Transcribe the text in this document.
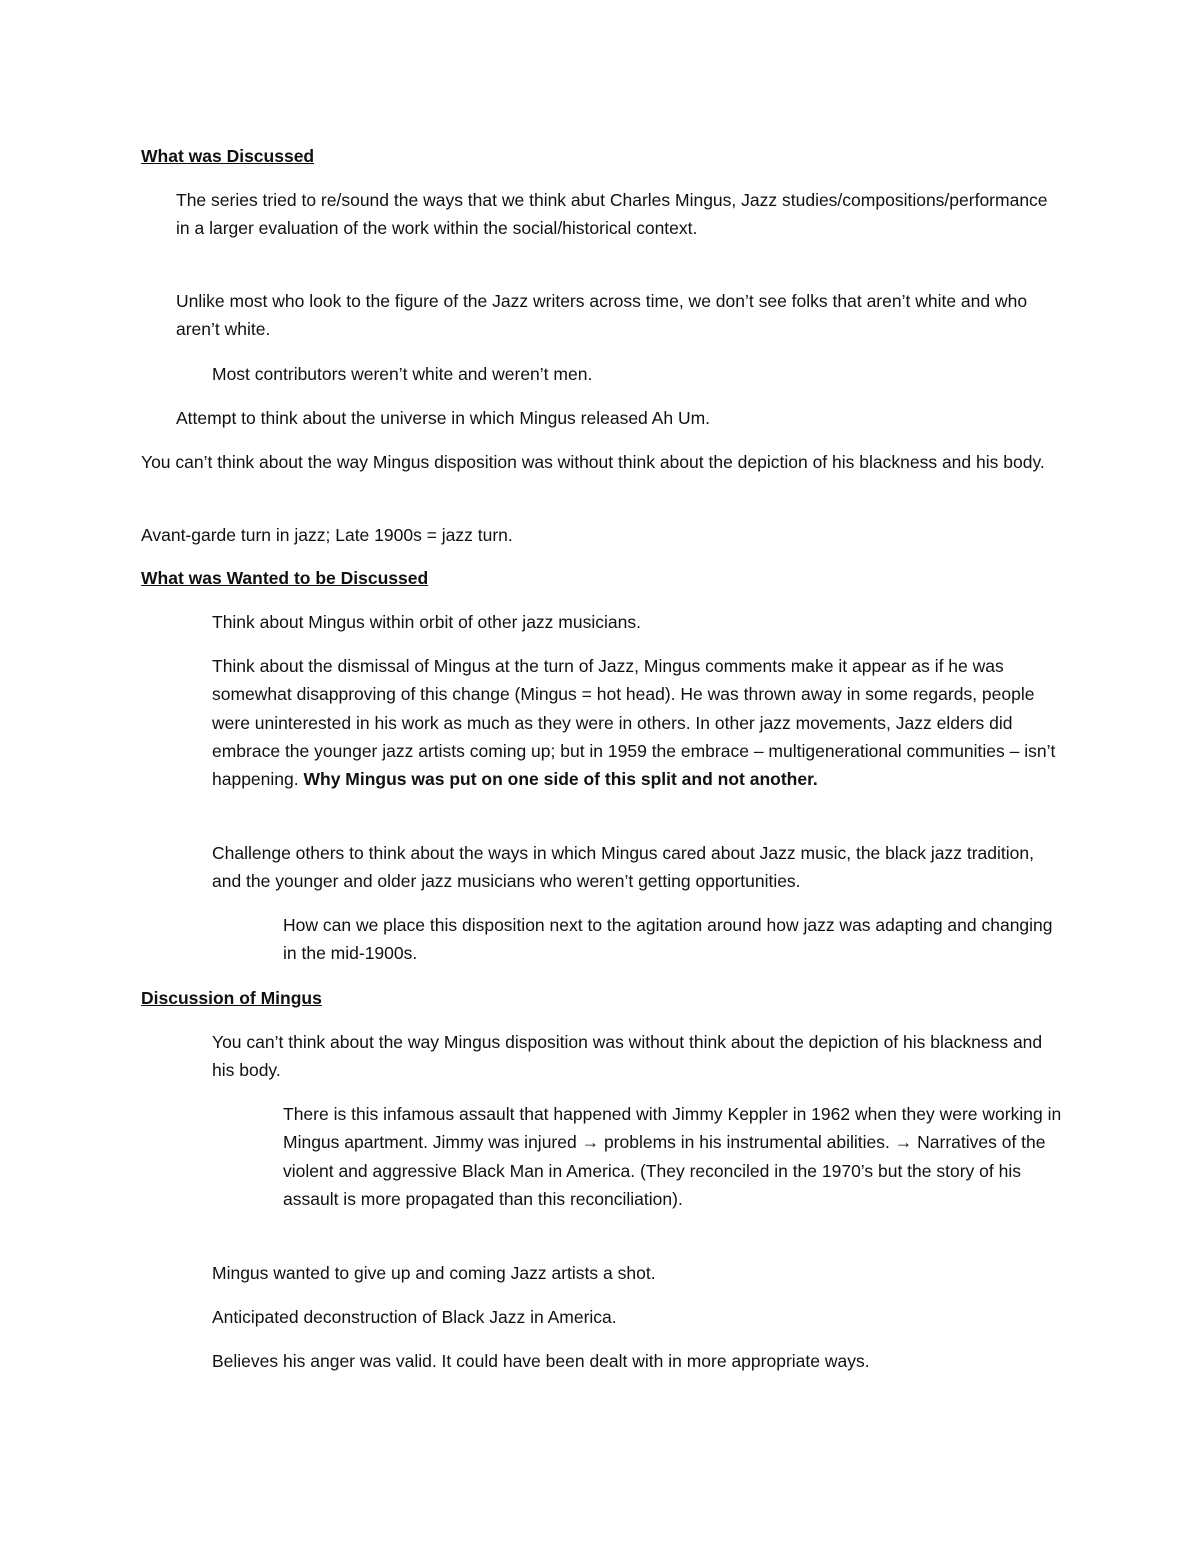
What was Discussed

The series tried to re/sound the ways that we think abut Charles Mingus, Jazz studies/compositions/performance in a larger evaluation of the work within the social/historical context.

Unlike most who look to the figure of the Jazz writers across time, we don’t see folks that aren’t white and who aren’t white.

Most contributors weren’t white and weren’t men.

Attempt to think about the universe in which Mingus released Ah Um.

You can’t think about the way Mingus disposition was without think about the depiction of his blackness and his body.

Avant-garde turn in jazz; Late 1900s = jazz turn.

What was Wanted to be Discussed

Think about Mingus within orbit of other jazz musicians.

Think about the dismissal of Mingus at the turn of Jazz, Mingus comments make it appear as if he was somewhat disapproving of this change (Mingus = hot head). He was thrown away in some regards, people were uninterested in his work as much as they were in others. In other jazz movements, Jazz elders did embrace the younger jazz artists coming up; but in 1959 the embrace – multigenerational communities – isn’t happening. Why Mingus was put on one side of this split and not another.

Challenge others to think about the ways in which Mingus cared about Jazz music, the black jazz tradition, and the younger and older jazz musicians who weren’t getting opportunities.

How can we place this disposition next to the agitation around how jazz was adapting and changing in the mid-1900s.

Discussion of Mingus

You can’t think about the way Mingus disposition was without think about the depiction of his blackness and his body.

There is this infamous assault that happened with Jimmy Keppler in 1962 when they were working in Mingus apartment. Jimmy was injured → problems in his instrumental abilities. → Narratives of the violent and aggressive Black Man in America. (They reconciled in the 1970’s but the story of his assault is more propagated than this reconciliation).

Mingus wanted to give up and coming Jazz artists a shot.

Anticipated deconstruction of Black Jazz in America.

Believes his anger was valid. It could have been dealt with in more appropriate ways.
